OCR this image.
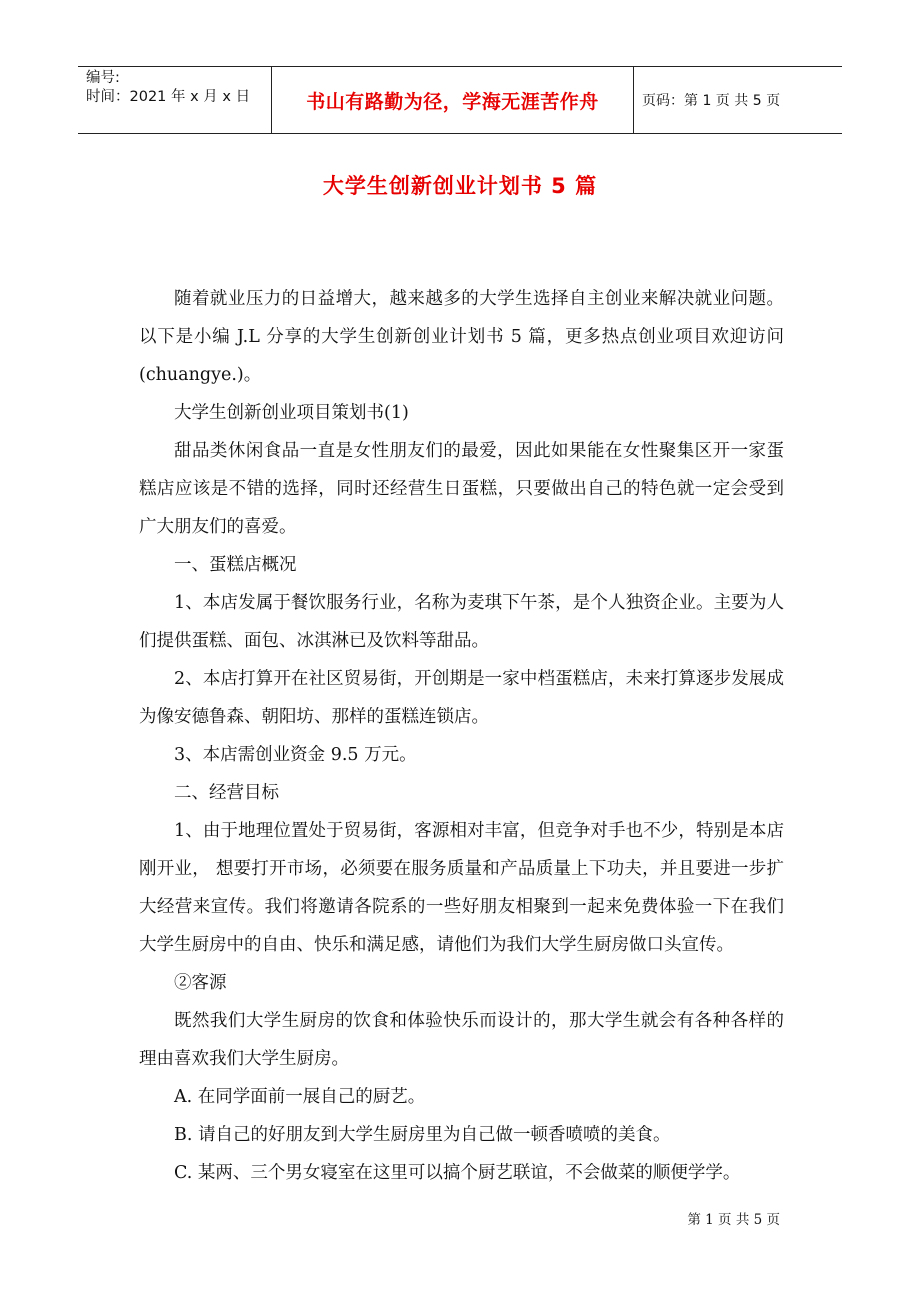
编号:
时间：2021 年 x 月 x 日	书山有路勤为径，学海无涯苦作舟	页码：第 1 页 共 5 页
大学生创新创业计划书 5 篇

随着就业压力的日益增大，越来越多的大学生选择自主创业来解决就业问题。以下是小编 J.L 分享的大学生创新创业计划书 5 篇，更多热点创业项目欢迎访问(chuangye.)。

大学生创新创业项目策划书(1)

甜品类休闲食品一直是女性朋友们的最爱，因此如果能在女性聚集区开一家蛋糕店应该是不错的选择，同时还经营生日蛋糕，只要做出自己的特色就一定会受到广大朋友们的喜爱。

一、蛋糕店概况

1、本店发属于餐饮服务行业，名称为麦琪下午茶，是个人独资企业。主要为人们提供蛋糕、面包、冰淇淋已及饮料等甜品。

2、本店打算开在社区贸易街，开创期是一家中档蛋糕店，未来打算逐步发展成为像安德鲁森、朝阳坊、那样的蛋糕连锁店。

3、本店需创业资金 9.5 万元。

二、经营目标

1、由于地理位置处于贸易街，客源相对丰富，但竞争对手也不少，特别是本店刚开业， 想要打开市场，必须要在服务质量和产品质量上下功夫，并且要进一步扩大经营来宣传。我们将邀请各院系的一些好朋友相聚到一起来免费体验一下在我们大学生厨房中的自由、快乐和满足感，请他们为我们大学生厨房做口头宣传。

②客源

既然我们大学生厨房的饮食和体验快乐而设计的，那大学生就会有各种各样的理由喜欢我们大学生厨房。

A. 在同学面前一展自己的厨艺。

B. 请自己的好朋友到大学生厨房里为自己做一顿香喷喷的美食。

C. 某两、三个男女寝室在这里可以搞个厨艺联谊，不会做菜的顺便学学。

第 1 页 共 5 页
